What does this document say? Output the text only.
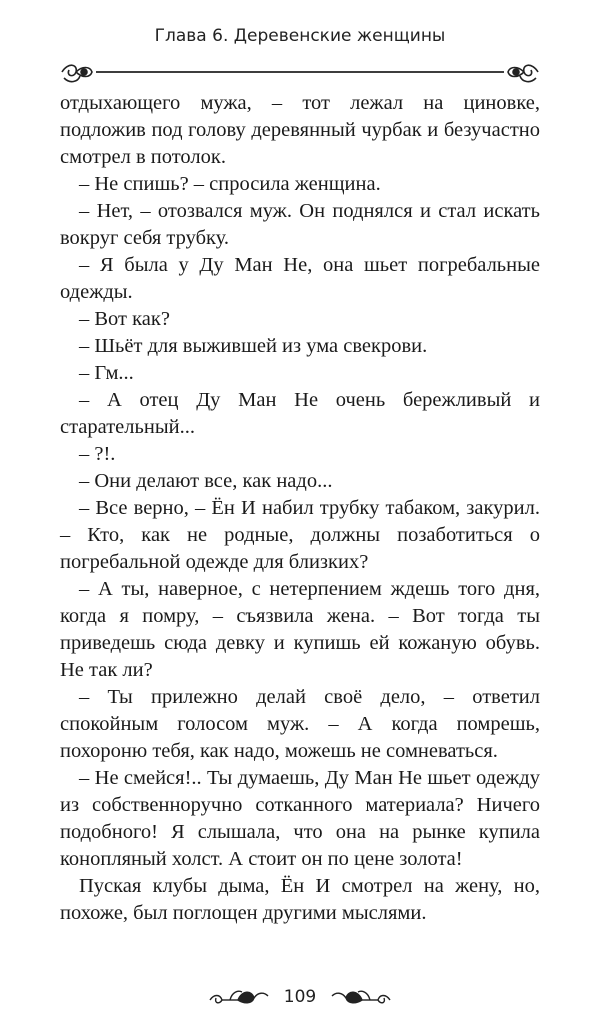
Глава 6. Деревенские женщины

отдыхающего мужа, – тот лежал на циновке, подложив под голову деревянный чурбак и безучастно смотрел в потолок.

– Не спишь? – спросила женщина.

– Нет, – отозвался муж. Он поднялся и стал искать вокруг себя трубку.

– Я была у Ду Ман Не, она шьет погребальные одежды.

– Вот как?

– Шьёт для выжившей из ума свекрови.

– Гм...

– А отец Ду Ман Не очень бережливый и старательный...

– ?!.

– Они делают все, как надо...

– Все верно, – Ён И набил трубку табаком, закурил. – Кто, как не родные, должны позаботиться о погребальной одежде для близких?

– А ты, наверное, с нетерпением ждешь того дня, когда я помру, – съязвила жена. – Вот тогда ты приведешь сюда девку и купишь ей кожаную обувь. Не так ли?

– Ты прилежно делай своё дело, – ответил спокойным голосом муж. – А когда помрешь, похороню тебя, как надо, можешь не сомневаться.

– Не смейся!.. Ты думаешь, Ду Ман Не шьет одежду из собственноручно сотканного материала? Ничего подобного! Я слышала, что она на рынке купила конопляный холст. А стоит он по цене золота!

Пуская клубы дыма, Ён И смотрел на жену, но, похоже, был поглощен другими мыслями.

109
